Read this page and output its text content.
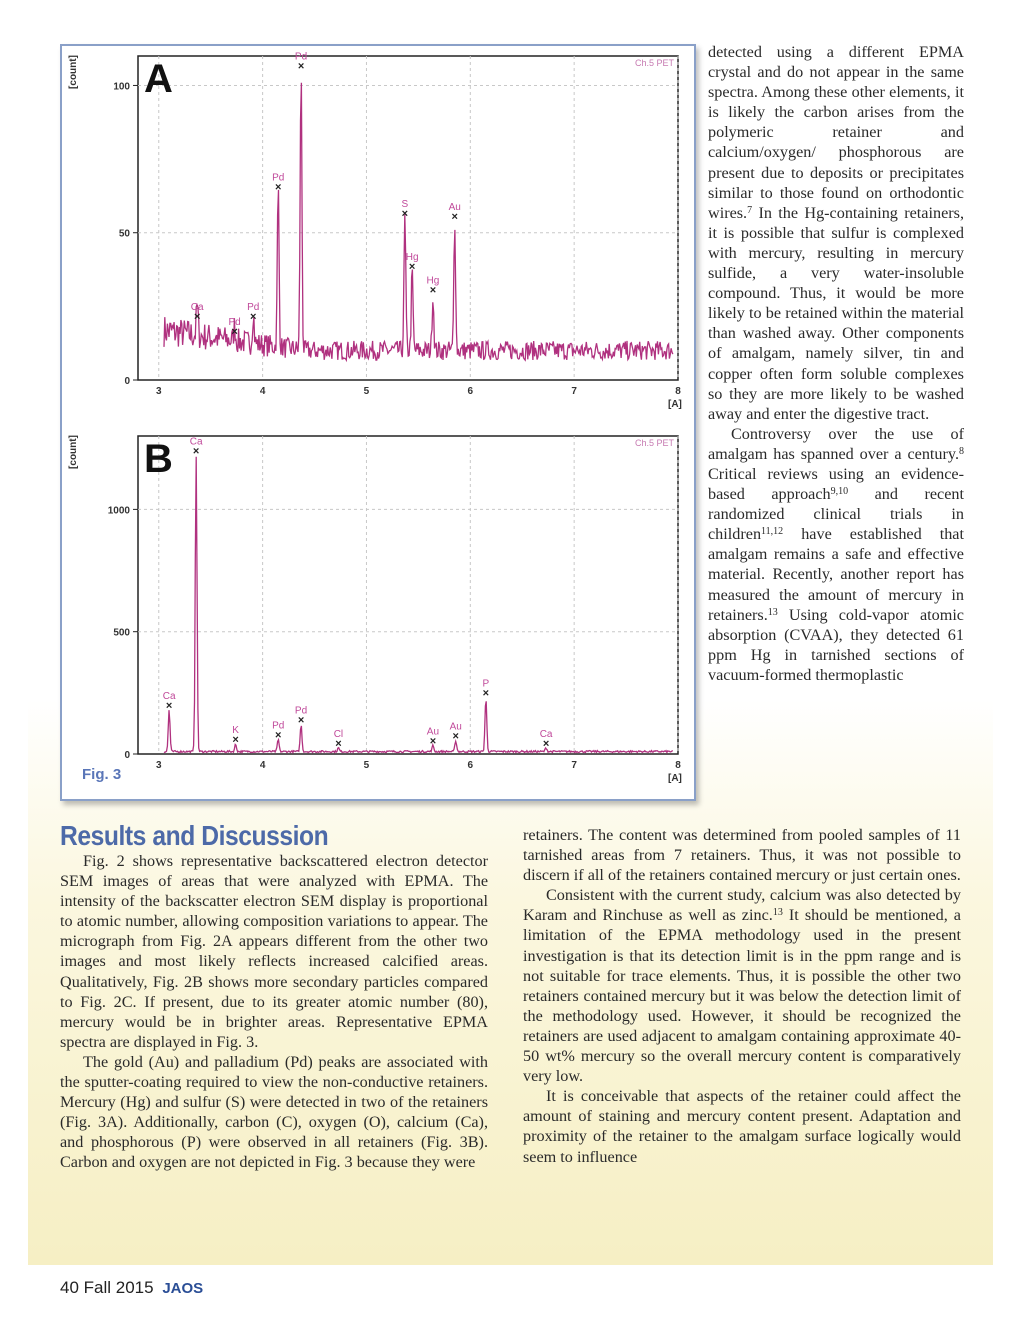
3	4	5	6	7	8
0
50
100 A
[count]
[A]
Ch.5 PET
×
Ca
×
Pd ×
Pd
×
Pd
×
Pd
×
S
×
Hg
×
Hg
×
Au
3	4	5	6	7	8
0
500
1000
B
[count]
[A]
Ch.5 PET
×
Ca
×
Ca
×
K	×
Pd ×
Pd
×
Cl
×
Au ×
Au
×
P
×
Ca
Fig. 3

detected using a different EPMA crystal and do not appear in the same spectra. Among these other elements, it is likely the carbon arises from the polymeric retainer and calcium/oxygen/ phosphorous are present due to deposits or precipitates similar to those found on orthodontic wires.$^7$ In the Hg-containing retainers, it is possible that sulfur is complexed with mercury, resulting in mercury sulfide, a very water-insoluble compound. Thus, it would be more likely to be retained within the material than washed away. Other components of amalgam, namely silver, tin and copper often form soluble complexes so they are more likely to be washed away and enter the digestive tract.

Controversy over the use of amalgam has spanned over a century.$^8$ Critical reviews using an evidence-based approach$^{9,10}$ and recent randomized clinical trials in children$^{11,12}$ have established that amalgam remains a safe and effective material. Recently, another report has measured the amount of mercury in retainers.$^{13}$ Using cold-vapor atomic absorption (CVAA), they detected 61 ppm Hg in tarnished sections of vacuum-formed thermoplastic

Results and Discussion

Fig. 2 shows representative backscattered electron detector SEM images of areas that were analyzed with EPMA. The intensity of the backscatter electron SEM display is proportional to atomic number, allowing composition variations to appear. The micrograph from Fig. 2A appears different from the other two images and most likely reflects increased calcified areas. Qualitatively, Fig. 2B shows more secondary particles compared to Fig. 2C. If present, due to its greater atomic number (80), mercury would be in brighter areas. Representative EPMA spectra are displayed in Fig. 3.

The gold (Au) and palladium (Pd) peaks are associated with the sputter-coating required to view the non-conductive retainers. Mercury (Hg) and sulfur (S) were detected in two of the retainers (Fig. 3A). Additionally, carbon (C), oxygen (O), calcium (Ca), and phosphorous (P) were observed in all retainers (Fig. 3B). Carbon and oxygen are not depicted in Fig. 3 because they were

retainers. The content was determined from pooled samples of 11 tarnished areas from 7 retainers. Thus, it was not possible to discern if all of the retainers contained mercury or just certain ones.

Consistent with the current study, calcium was also detected by Karam and Rinchuse as well as zinc.$^{13}$ It should be mentioned, a limitation of the EPMA methodology used in the present investigation is that its detection limit is in the ppm range and is not suitable for trace elements. Thus, it is possible the other two retainers contained mercury but it was below the detection limit of the methodology used. However, it should be recognized the retainers are used adjacent to amalgam containing approximate 40-50 wt% mercury so the overall mercury content is comparatively very low.

It is conceivable that aspects of the retainer could affect the amount of staining and mercury content present. Adaptation and proximity of the retainer to the amalgam surface logically would seem to influence

40 Fall 2015 JAOS
